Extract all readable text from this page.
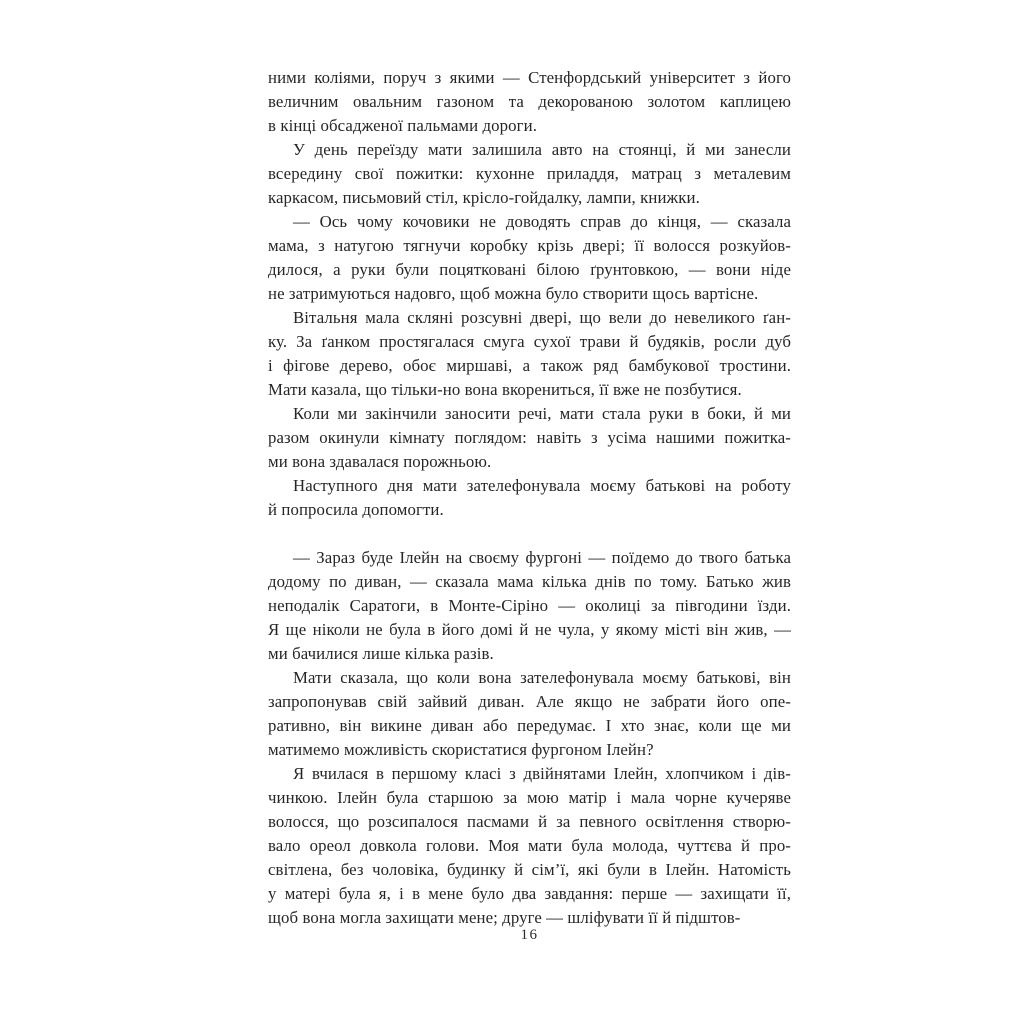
ними коліями, поруч з якими — Стенфордський університет з його
величним овальним газоном та декорованою золотом каплицею
в кінці обсадженої пальмами дороги.

У день переїзду мати залишила авто на стоянці, й ми занесли
всередину свої пожитки: кухонне приладдя, матрац з металевим
каркасом, письмовий стіл, крісло-гойдалку, лампи, книжки.

— Ось чому кочовики не доводять справ до кінця, — сказала
мама, з натугою тягнучи коробку крізь двері; її волосся розкуйов-
дилося, а руки були поцятковані білою ґрунтовкою, — вони ніде
не затримуються надовго, щоб можна було створити щось вартісне.

Вітальня мала скляні розсувні двері, що вели до невеликого ґан-
ку. За ґанком простягалася смуга сухої трави й будяків, росли дуб
і фігове дерево, обоє миршаві, а також ряд бамбукової тростини.
Мати казала, що тільки-но вона вкорениться, її вже не позбутися.

Коли ми закінчили заносити речі, мати стала руки в боки, й ми
разом окинули кімнату поглядом: навіть з усіма нашими пожитка-
ми вона здавалася порожньою.

Наступного дня мати зателефонувала моєму батькові на роботу
й попросила допомогти.

— Зараз буде Ілейн на своєму фургоні — поїдемо до твого батька
додому по диван, — сказала мама кілька днів по тому. Батько жив
неподалік Саратоги, в Монте-Сіріно — околиці за півгодини їзди.
Я ще ніколи не була в його домі й не чула, у якому місті він жив, —
ми бачилися лише кілька разів.

Мати сказала, що коли вона зателефонувала моєму батькові, він
запропонував свій зайвий диван. Але якщо не забрати його опе-
ративно, він викине диван або передумає. І хто знає, коли ще ми
матимемо можливість скористатися фургоном Ілейн?

Я вчилася в першому класі з двійнятами Ілейн, хлопчиком і дів-
чинкою. Ілейн була старшою за мою матір і мала чорне кучеряве
волосся, що розсипалося пасмами й за певного освітлення створю-
вало ореол довкола голови. Моя мати була молода, чуттєва й про-
світлена, без чоловіка, будинку й сім’ї, які були в Ілейн. Натомість
у матері була я, і в мене було два завдання: перше — захищати її,
щоб вона могла захищати мене; друге — шліфувати її й підштов-

16
